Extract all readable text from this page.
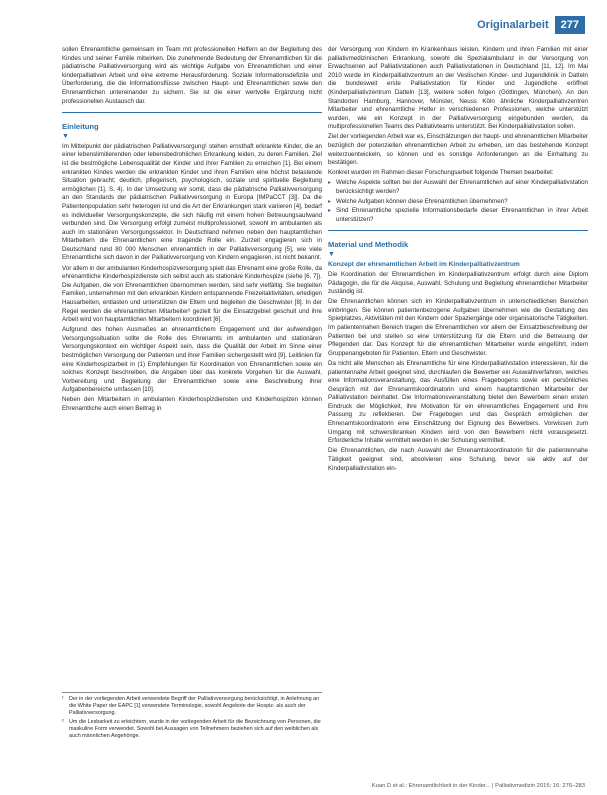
Originalarbeit	277

sollen Ehrenamtliche gemeinsam im Team mit professionellen Helfern an der Begleitung des Kindes und seiner Familie mitwirken. Die zunehmende Bedeutung der Ehrenamtlichen für die pädiatrische Palliativversorgung wird als wichtige Aufgabe von Ehrenamtlichen und einer kinderpalliativen Arbeit und eine extreme Herausforderung. Soziale Informationsdefizite und Überforderung, die die Informationsflüsse zwischen Haupt- und Ehrenamtlichen sowie den Ehrenamtlichen untereinander zu sichern. Sie ist die einer wertvolle Ergänzung nicht professionellen Austausch dar.

Einleitung
▼

Im Mittelpunkt der pädiatrischen Palliativversorgung¹ stehen ernsthaft erkrankte Kinder, die an einer lebenslimitierenden oder lebensbedrohlichen Erkrankung leiden, zu deren Familien. Ziel ist die bestmögliche Lebensqualität der Kinder und ihrer Familien zu erreichen [1]. Bei einem erkrankten Kindes werden die erkrankten Kinder und ihren Familien eine höchst belastende Situation gebracht; deutlich, pflegerisch, psychologisch, soziale und spirituelle Begleitung ermöglichen [1]. S. 4). In der Umsetzung wir somit, dass die pädiatrische Palliativversorgung an den Standards der pädiatrischen Palliativversorgung in Europa [IMPaCCT [3]]. Da die Patientenpopulation sehr heterogen ist und die Art der Erkrankungen stark variieren [4], bedarf es individueller Versorgungskonzepte, die sich häufig mit einem hohen Betreuungsaufwand verbunden sind. Die Versorgung erfolgt zumeist multiprofessionell, sowohl im ambulanten als auch im stationären Versorgungssektor. In Deutschland nehmen neben den hauptamtlichen Mitarbeitern die Ehrenamtlichen eine tragende Rolle ein. Zurzeit engagieren sich in Deutschland rund 80 000 Menschen ehrenamtlich in der Palliativversorgung [5], wie viele Ehrenamtliche sich davon in der Palliativversorgung von Kindern engagieren, ist nicht bekannt.

Vor allem in der ambulanten Kinderhospizversorgung spielt das Ehrenamt eine große Rolle, da ehrenamtliche Kinderhospizdienste sich selbst auch als stationäre Kinderhospize (siehe [6, 7]). Die Aufgaben, die von Ehrenamtlichen übernommen werden, sind sehr vielfältig. Sie begleiten Familien, unternehmen mit den erkrankten Kindern entspannende Freizeitaktivitäten, erledigen Hausarbeiten, entlasten und unterstützen die Eltern und begleiten die Geschwister [8]. In der Regel werden die ehrenamtlichen Mitarbeiter² gezielt für die Einsatzgebiet geschult und ihre Arbeit wird von hauptamtlichen Mitarbeitern koordiniert [6].

Aufgrund des hohen Ausmaßes an ehrenamtlichem Engagement und der aufwendigen Versorgungssituation sollte die Rolle des Ehrenamts im ambulanten und stationären Versorgungskontext ein wichtiger Aspekt sein, dass die Qualität der Arbeit im Sinne einer bestmöglichen Versorgung der Patienten und ihrer Familien sichergestellt wird [9]. Leitlinien für eine Kinderhospizarbeit in (1) Empfehlungen für Koordination von Ehrenamtlichen sowie ein solches Konzept beschreiben, die Angaben über das konkrete Vorgehen für die Auswahl, Vorbereitung und Begleitung der Ehrenamtlichen sowie eine Beschreibung ihrer Aufgabenbereiche umfassen [10].

Neben den Mitarbeitern in ambulanten Kinderhospizdiensten und Kinderhospizen können Ehrenamtliche auch einen Beitrag in

der Versorgung von Kindern im Krankenhaus leisten. Kindern und ihren Familien mit einer palliativmedizinischen Erkrankung, sowohl die Spezialambulanz in der Versorgung von Erwachsenen auf Palliativstationen auch Palliativstationen in Deutschland [11, 12]. Im Mai 2010 wurde im Kinderpalliativzentrum an der Vestischen Kinder- und Jugendklinik in Datteln die bundesweit erste Palliativstation für Kinder und Jugendliche eröffnet (Kinderpalliativzentrum Datteln [13], weitere sollen folgen (Göttingen, München). An den Standorten Hamburg, Hannover, Münster, Neuss Köln ähnliche Kinderpalliativzentren Mitarbeiter und ehrenamtliche Helfer in verschiedenen Professionen, welche unterstützt wurden, wie ein Konzept in der Palliativversorgung eingebunden werden, da multiprofessionellen Teams des Palliativteams unterstützt. Bei Kinderpalliativstation sollen.

Ziel der vorliegenden Arbeit war es, Einschätzungen der haupt- und ehrenamtlichen Mitarbeiter bezüglich der potenziellen ehrenamtlichen Arbeit zu erheben, um das bestehende Konzept weiterzuentwickeln, so können und es sonstige Anforderungen an die Einhaltung zu bestätigen.

Konkret wurden im Rahmen dieser Forschungsarbeit folgende Themen bearbeitet:

▸ Welche Aspekte sollten bei der Auswahl der Ehrenamtlichen auf einer Kinderpalliativstation berücksichtigt werden?
▸ Welche Aufgaben können diese Ehrenamtlichen übernehmen?
▸ Sind Ehrenamtliche spezielle Informationsbedarfe dieser Ehrenamtlichen in ihrer Arbeit unterstützen?
Material und Methodik
▼
Konzept der ehrenamtlichen Arbeit im Kinderpalliativzentrum

Die Koordination der Ehrenamtlichen im Kinderpalliativzentrum erfolgt durch eine Diplom Pädagogin, die für die Akquise, Auswahl, Schulung und Begleitung ehrenamtlicher Mitarbeiter zuständig ist.

Die Ehrenamtlichen können sich im Kinderpalliativzentrum in unterschiedlichen Bereichen einbringen. Sie können patientenbezogene Aufgaben übernehmen wie die Gestaltung des Spielplatzes, Aktivitäten mit den Kindern oder Spaziergänge oder organisatorische Tätigkeiten. Im patientennahen Bereich tragen die Ehrenamtlichen vor allem der Einsatzbeschreibung der Patienten bei und stellen so eine Unterstützung für die Eltern und die Betreuung der Pflegenden dar. Das Konzept für die ehrenamtlichen Mitarbeiter wurde eingeführt, indem Gruppenangeboten für Patienten, Eltern und Geschwister.

Da nicht alle Menschen als Ehrenamtliche für eine Kinderpalliativstation interessieren, für die patientennahe Arbeit geeignet sind, durchlaufen die Bewerber ein Auswahlverfahren, welches eine Informationsveranstaltung, das Ausfüllen eines Fragebogens sowie ein persönliches Gespräch mit der Ehrenamtskoordinatorin und einem hauptamtlichen Mitarbeiter der Palliativstation beinhaltet. Die Informationsveranstaltung bietet den Bewerbern einen ersten Eindruck der Möglichkeit, ihre Motivation für ein ehrenamtliches Engagement und ihre Passung zu reflektieren. Der Fragebogen und das Gespräch ermöglichen der Ehrenamtskoordinatorin eine Einschätzung der Eignung des Bewerbers. Vorwissen zum Umgang mit schwerstkranken Kindern wird von den Bewerbern nicht vorausgesetzt. Erforderliche Inhalte vermittelt werden in der Schulung vermittelt.

Die Ehrenamtlichen, die nach Auswahl der Ehrenamtskoordinatorin für die patientennahe Tätigkeit geeignet sind, absolvieren eine Schulung, bevor sie aktiv auf der Kinderpalliativstation ein-

¹ Der in der vorliegenden Arbeit verwendete Begriff der Palliativversorgung berücksichtigt, in Anlehnung an die White Paper der EAPC [1] verwendete Terminologie, sowohl Angebote der Hospiz- als auch der Palliativversorgung.
² Um die Lesbarkeit zu erleichtern, wurde in der vorliegenden Arbeit für die Bezeichnung von Personen, die maskuline Form verwendet. Sowohl bei Aussagen von Teilnehmern beziehen sich auf den weiblichen als auch männlichen Angehörige.
Kuan D et al.: Ehrenamtlichkeit in der Kinder... | Palliativmedizin 2015; 16: 276–283
